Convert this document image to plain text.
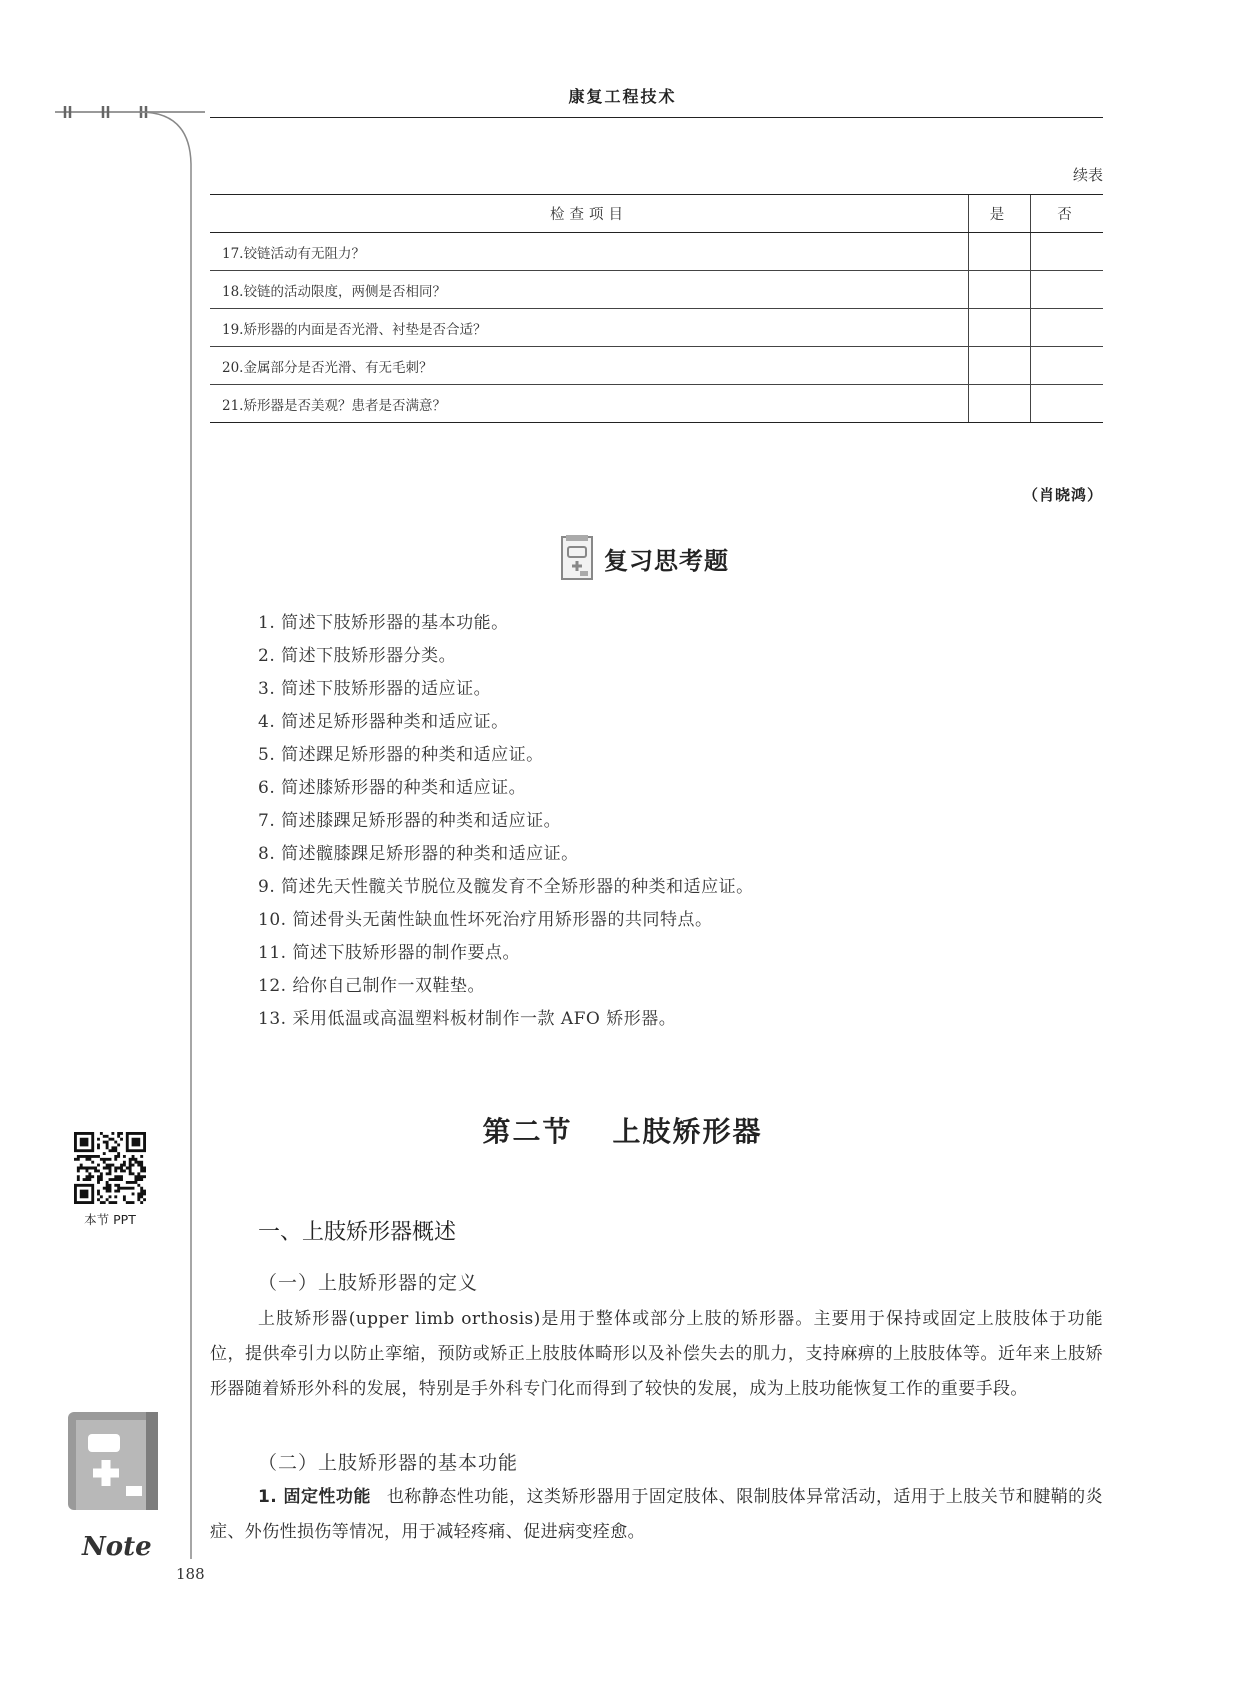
康复工程技术
续表
检查项目	是	否
17.铰链活动有无阻力？		
18.铰链的活动限度，两侧是否相同？		
19.矫形器的内面是否光滑、衬垫是否合适？		
20.金属部分是否光滑、有无毛刺？		
21.矫形器是否美观？患者是否满意？		
（肖晓鸿）
复习思考题
1. 简述下肢矫形器的基本功能。
2. 简述下肢矫形器分类。
3. 简述下肢矫形器的适应证。
4. 简述足矫形器种类和适应证。
5. 简述踝足矫形器的种类和适应证。
6. 简述膝矫形器的种类和适应证。
7. 简述膝踝足矫形器的种类和适应证。
8. 简述髋膝踝足矫形器的种类和适应证。
9. 简述先天性髋关节脱位及髋发育不全矫形器的种类和适应证。
10. 简述骨头无菌性缺血性坏死治疗用矫形器的共同特点。
11. 简述下肢矫形器的制作要点。
12. 给你自己制作一双鞋垫。
13. 采用低温或高温塑料板材制作一款 AFO 矫形器。
第二节 上肢矫形器
本节 PPT
一、上肢矫形器概述
（一）上肢矫形器的定义

上肢矫形器(upper limb orthosis)是用于整体或部分上肢的矫形器。主要用于保持或固定上肢肢体于功能位，提供牵引力以防止挛缩，预防或矫正上肢肢体畸形以及补偿失去的肌力，支持麻痹的上肢肢体等。近年来上肢矫形器随着矫形外科的发展，特别是手外科专门化而得到了较快的发展，成为上肢功能恢复工作的重要手段。

（二）上肢矫形器的基本功能

1. 固定性功能 也称静态性功能，这类矫形器用于固定肢体、限制肢体异常活动，适用于上肢关节和腱鞘的炎症、外伤性损伤等情况，用于减轻疼痛、促进病变痊愈。

Note
188
